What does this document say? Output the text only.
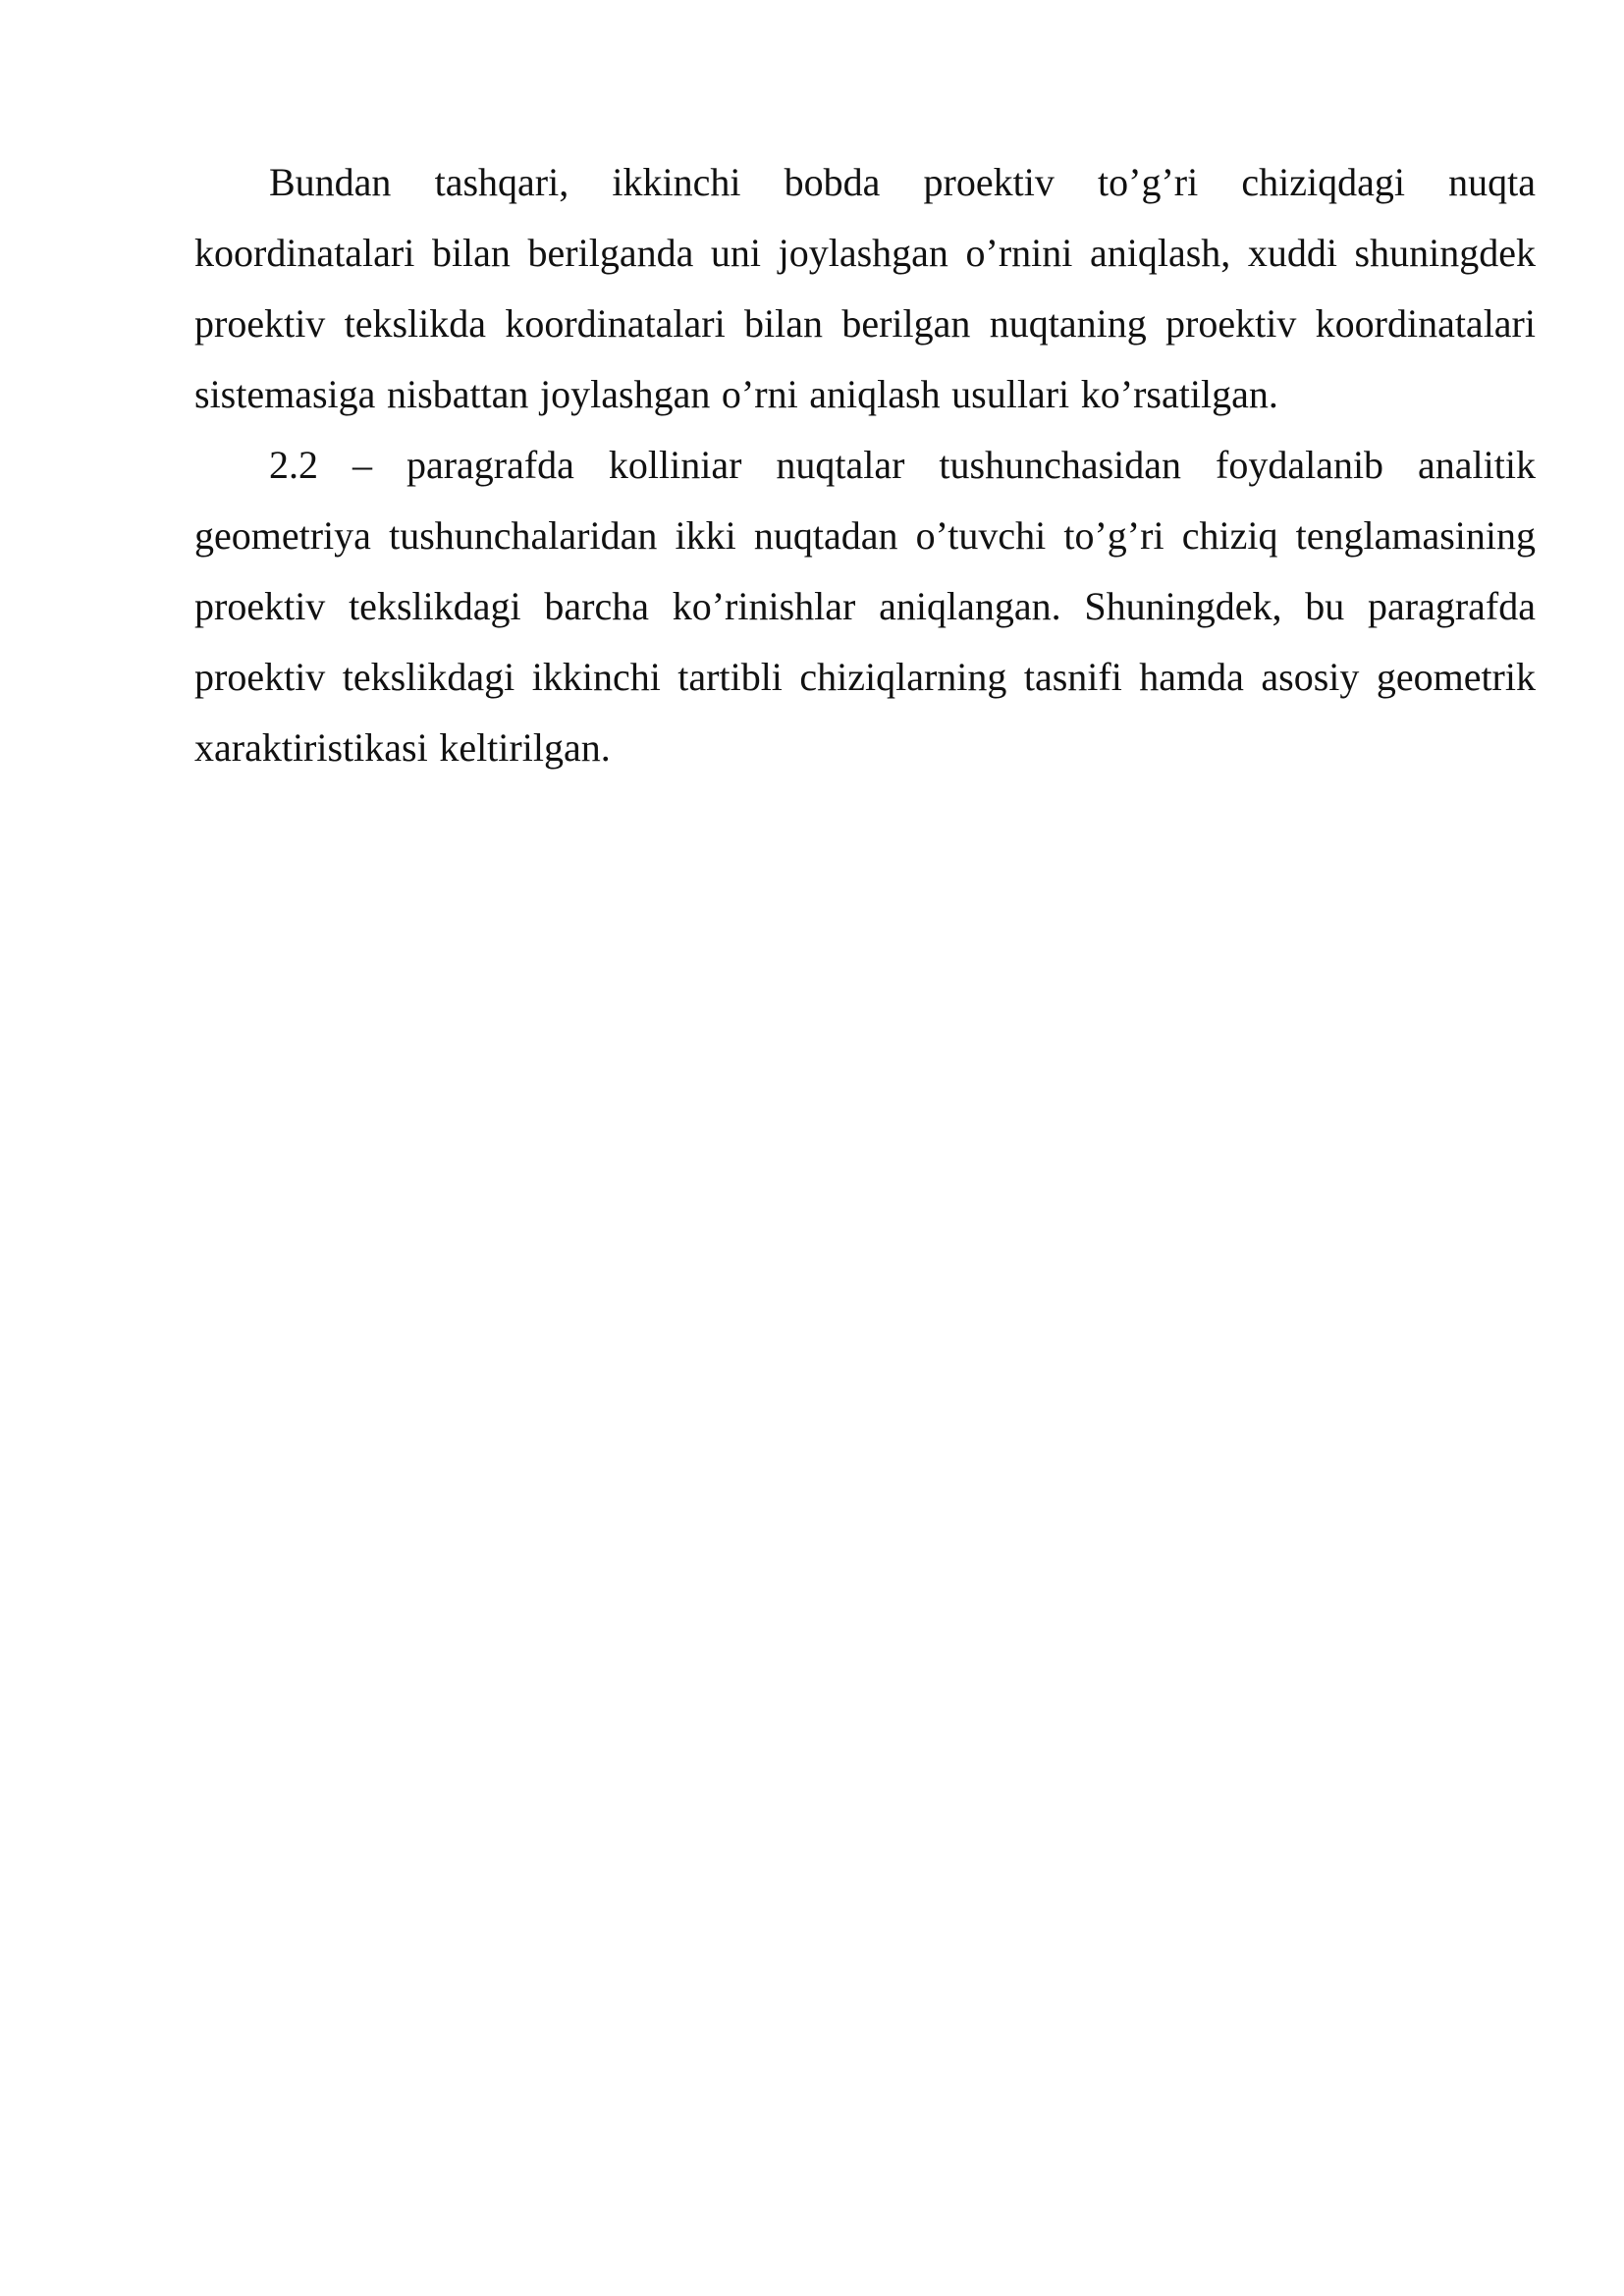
Bundan tashqari, ikkinchi bobda proektiv to’g’ri chiziqdagi nuqta koordinatalari bilan berilganda uni joylashgan o’rnini aniqlash, xuddi shuningdek proektiv tekslikda koordinatalari bilan berilgan nuqtaning proektiv koordinatalari sistemasiga nisbattan joylashgan o’rni aniqlash usullari ko’rsatilgan.

2.2 – paragrafda kolliniar nuqtalar tushunchasidan foydalanib analitik geometriya tushunchalaridan ikki nuqtadan o’tuvchi to’g’ri chiziq tenglamasining proektiv tekslikdagi barcha ko’rinishlar aniqlangan. Shuningdek, bu paragrafda proektiv tekslikdagi ikkinchi tartibli chiziqlarning tasnifi hamda asosiy geometrik xaraktiristikasi keltirilgan.
